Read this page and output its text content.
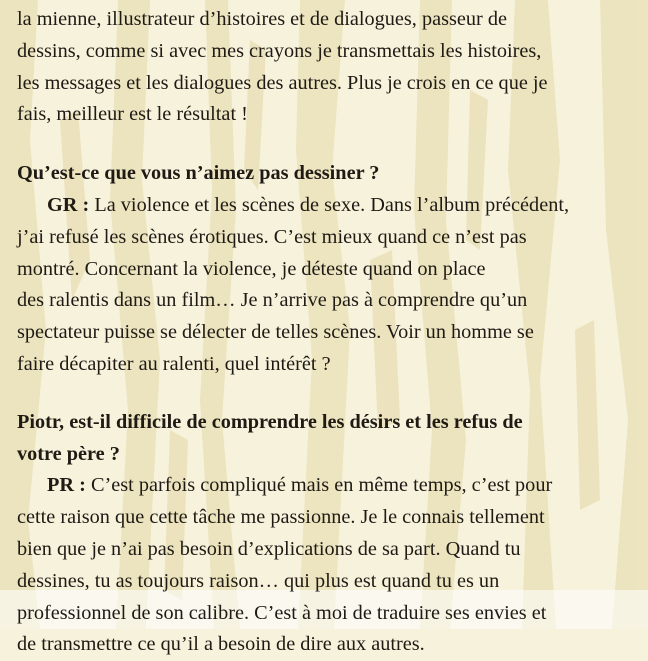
la mienne, illustrateur d’histoires et de dialogues, passeur de
dessins, comme si avec mes crayons je transmettais les histoires,
les messages et les dialogues des autres. Plus je crois en ce que je
fais, meilleur est le résultat !
Qu’est-ce que vous n’aimez pas dessiner ?
GR : La violence et les scènes de sexe. Dans l’album précédent,
j’ai refusé les scènes érotiques. C’est mieux quand ce n’est pas
montré. Concernant la violence, je déteste quand on place
des ralentis dans un film… Je n’arrive pas à comprendre qu’un
spectateur puisse se délecter de telles scènes. Voir un homme se
faire décapiter au ralenti, quel intérêt ?
Piotr, est-il difficile de comprendre les désirs et les refus de
votre père ?
PR : C’est parfois compliqué mais en même temps, c’est pour
cette raison que cette tâche me passionne. Je le connais tellement
bien que je n’ai pas besoin d’explications de sa part. Quand tu
dessines, tu as toujours raison… qui plus est quand tu es un
professionnel de son calibre. C’est à moi de traduire ses envies et
de transmettre ce qu’il a besoin de dire aux autres.
